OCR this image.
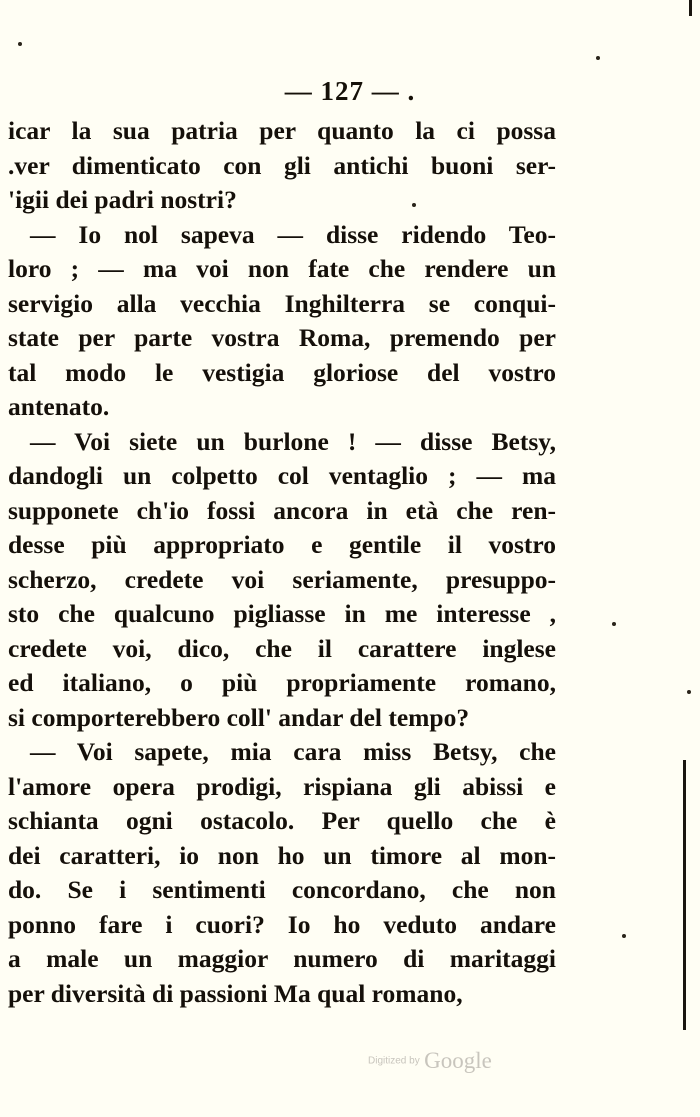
— 127 — .
icar la sua patria per quanto la ci possa
.ver dimenticato con gli antichi buoni ser-
'igii dei padri nostri?
— Io nol sapeva — disse ridendo Teo-
loro ; — ma voi non fate che rendere un
servigio alla vecchia Inghilterra se conqui-
state per parte vostra Roma, premendo per
tal modo le vestigia gloriose del vostro
antenato.
— Voi siete un burlone ! — disse Betsy,
dandogli un colpetto col ventaglio ; — ma
supponete ch'io fossi ancora in età che ren-
desse più appropriato e gentile il vostro
scherzo, credete voi seriamente, presuppo-
sto che qualcuno pigliasse in me interesse ,
credete voi, dico, che il carattere inglese
ed italiano, o più propriamente romano,
si comporterebbero coll' andar del tempo?
— Voi sapete, mia cara miss Betsy, che
l'amore opera prodigi, rispiana gli abissi e
schianta ogni ostacolo. Per quello che è
dei caratteri, io non ho un timore al mon-
do. Se i sentimenti concordano, che non
ponno fare i cuori? Io ho veduto andare
a male un maggior numero di maritaggi
per diversità di passioni Ma qual romano,
Digitized by Google
